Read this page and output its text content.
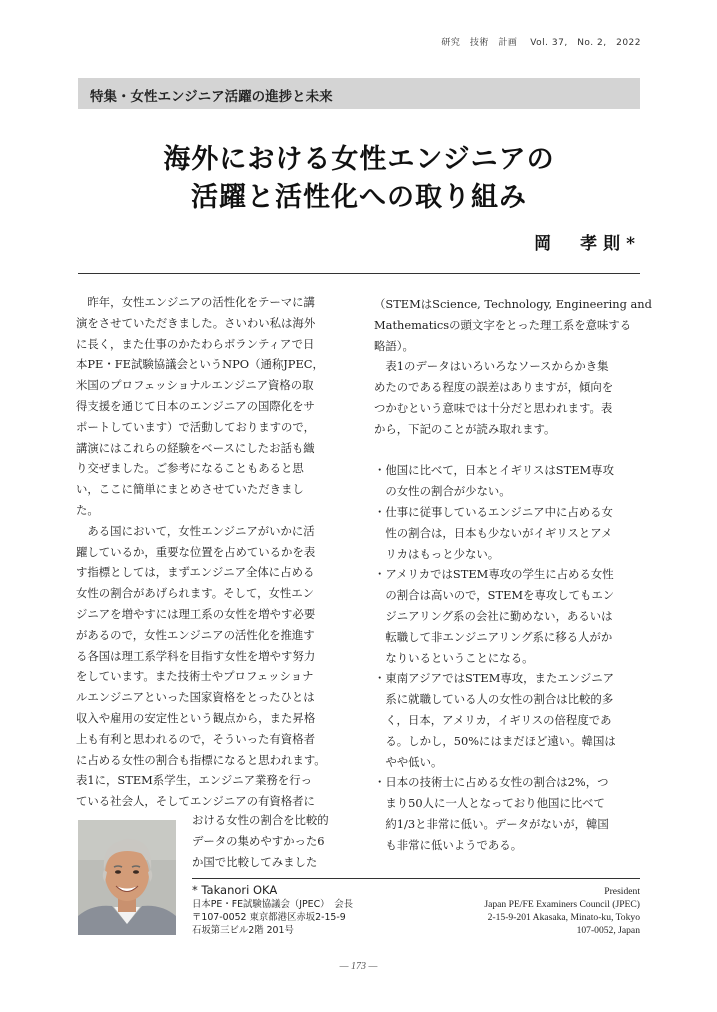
研究　技術　計画　 Vol. 37,　No. 2,　2022
特集・女性エンジニア活躍の進捗と未来
海外における女性エンジニアの
活躍と活性化への取り組み
岡　孝則*

　昨年，女性エンジニアの活性化をテーマに講

演をさせていただきました。さいわい私は海外

に長く，また仕事のかたわらボランティアで日

本PE・FE試験協議会というNPO（通称JPEC，

米国のプロフェッショナルエンジニア資格の取

得支援を通じて日本のエンジニアの国際化をサ

ポートしています）で活動しておりますので，

講演にはこれらの経験をベースにしたお話も織

り交ぜました。ご参考になることもあると思

い，ここに簡単にまとめさせていただきまし

た。

　ある国において，女性エンジニアがいかに活

躍しているか，重要な位置を占めているかを表

す指標としては，まずエンジニア全体に占める

女性の割合があげられます。そして，女性エン

ジニアを増やすには理工系の女性を増やす必要

があるので，女性エンジニアの活性化を推進す

る各国は理工系学科を目指す女性を増やす努力

をしています。また技術士やプロフェッショナ

ルエンジニアといった国家資格をとったひとは

収入や雇用の安定性という観点から，また昇格

上も有利と思われるので，そういった有資格者

に占める女性の割合も指標になると思われます。

表1に，STEM系学生，エンジニア業務を行っ

ている社会人，そしてエンジニアの有資格者に

おける女性の割合を比較的

データの集めやすかった6

か国で比較してみました

（STEMはScience, Technology, Engineering and

Mathematicsの頭文字をとった理工系を意味する

略語）。

　表1のデータはいろいろなソースからかき集

めたのである程度の誤差はありますが，傾向を

つかむという意味では十分だと思われます。表

から，下記のことが読み取れます。

・他国に比べて，日本とイギリスはSTEM専攻

　の女性の割合が少ない。

・仕事に従事しているエンジニア中に占める女

　性の割合は，日本も少ないがイギリスとアメ

　リカはもっと少ない。

・アメリカではSTEM専攻の学生に占める女性

　の割合は高いので，STEMを専攻してもエン

　ジニアリング系の会社に勤めない，あるいは

　転職して非エンジニアリング系に移る人がか

　なりいるということになる。

・東南アジアではSTEM専攻，またエンジニア

　系に就職している人の女性の割合は比較的多

　く，日本，アメリカ，イギリスの倍程度であ

　る。しかし，50%にはまだほど遠い。韓国は

　やや低い。

・日本の技術士に占める女性の割合は2%，つ

　まり50人に一人となっており他国に比べて

　約1/3と非常に低い。データがないが，韓国

　も非常に低いようである。

* Takanori OKA

日本PE・FE試験協議会（JPEC）　会長

〒107-0052 東京都港区赤坂2-15-9

石坂第三ビル2階 201号

President

Japan PE/FE Examiners Council (JPEC)

2-15-9-201 Akasaka, Minato-ku, Tokyo

107-0052, Japan

— 173 —
